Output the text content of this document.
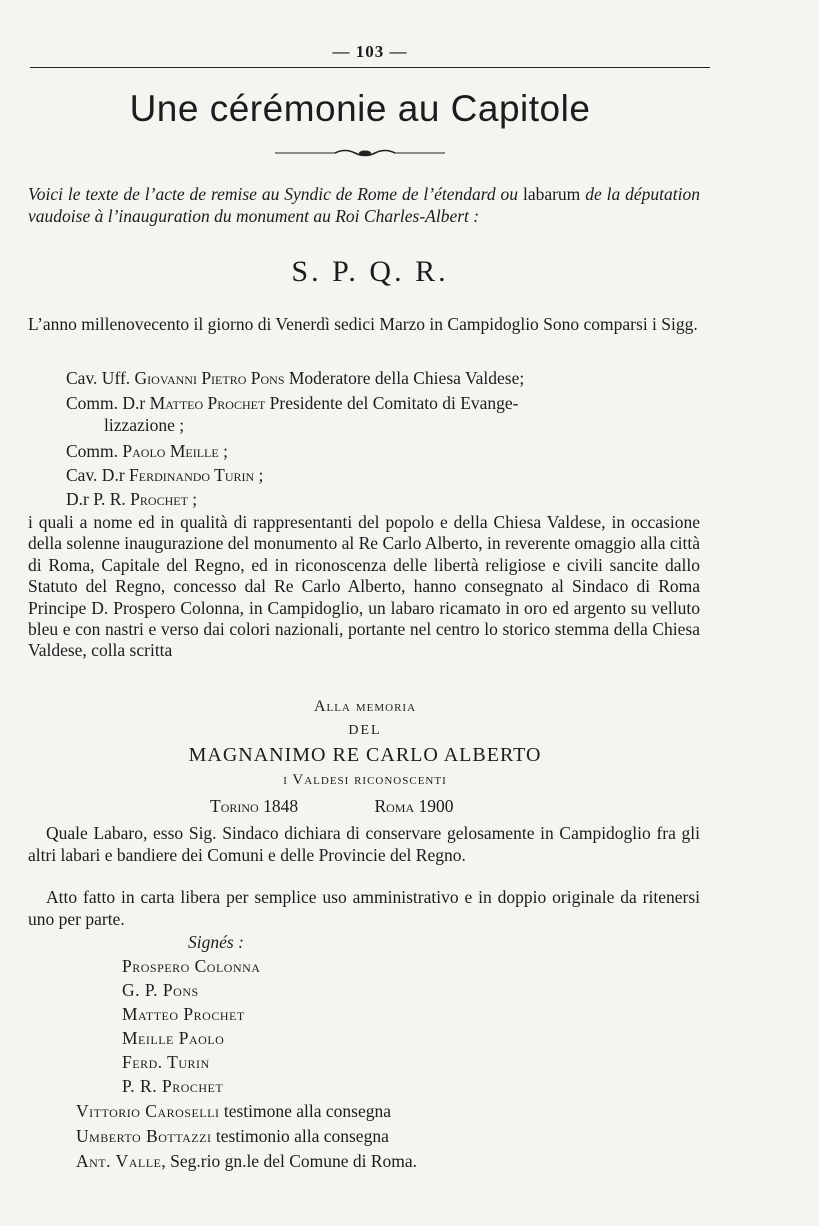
— 103 —
Une cérémonie au Capitole
Voici le texte de l’acte de remise au Syndic de Rome de l’étendard ou labarum de la députation vaudoise à l’inauguration du monument au Roi Charles-Albert :
S. P. Q. R.
L’anno millenovecento il giorno di Venerdì sedici Marzo in Campidoglio Sono comparsi i Sigg.
Cav. Uff. Giovanni Pietro Pons Moderatore della Chiesa Valdese;
Comm. D.r Matteo Prochet Presidente del Comitato di Evange-
lizzazione ;
Comm. Paolo Meille ;
Cav. D.r Ferdinando Turin ;
D.r P. R. Prochet ;
i quali a nome ed in qualità di rappresentanti del popolo e della Chiesa Valdese, in occasione della solenne inaugurazione del monumento al Re Carlo Alberto, in reverente omaggio alla città di Roma, Capitale del Regno, ed in riconoscenza delle libertà religiose e civili sancite dallo Statuto del Regno, concesso dal Re Carlo Alberto, hanno consegnato al Sindaco di Roma Principe D. Prospero Colonna, in Campidoglio, un labaro ricamato in oro ed argento su velluto bleu e con nastri e verso dai colori nazionali, portante nel centro lo storico stemma della Chiesa Valdese, colla scritta
Alla memoria
DEL
MAGNANIMO RE CARLO ALBERTO
i Valdesi riconoscenti
Torino 1848	Roma 1900
Quale Labaro, esso Sig. Sindaco dichiara di conservare gelosamente in Campidoglio fra gli altri labari e bandiere dei Comuni e delle Provincie del Regno.
Atto fatto in carta libera per semplice uso amministrativo e in doppio originale da ritenersi uno per parte.
Signés :
Prospero Colonna
G. P. Pons
Matteo Prochet
Meille Paolo
Ferd. Turin
P. R. Prochet
Vittorio Caroselli testimone alla consegna
Umberto Bottazzi testimonio alla consegna
Ant. Valle, Seg.rio gn.le del Comune di Roma.
